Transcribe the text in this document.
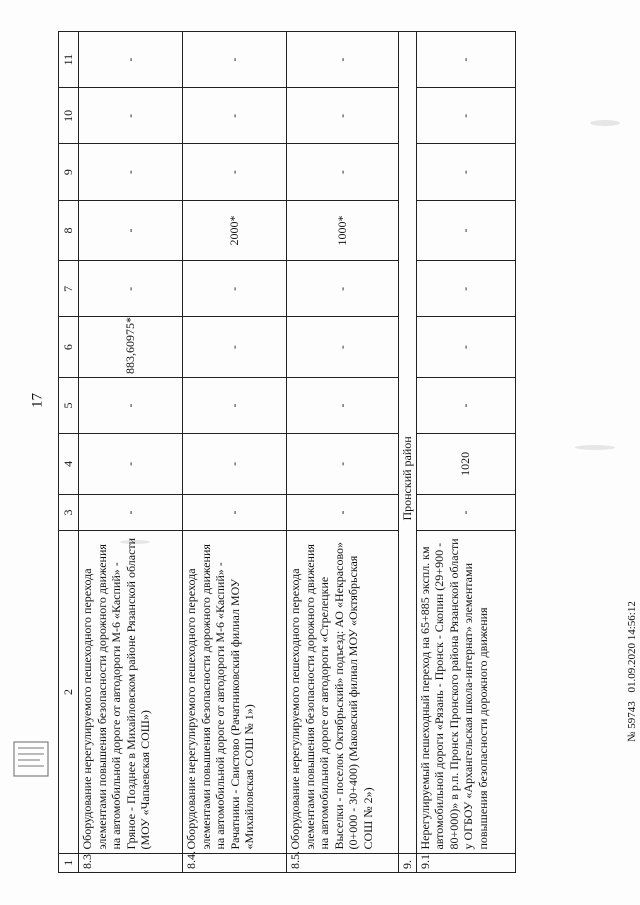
17
1	2	3	4	5	6	7	8	9	10	11
8.3	Оборудование нерегулируемого пешеходного перехода элементами повышения безопасности дорожного движения на автомобильной дороге от автодороги М-6 «Каспий» - Гряное - Позднее в Михайловском районе Рязанской области (МОУ «Чапаевская СОШ»)	-	-	-	883,60975*	-	-	-	-	-
8.4.	Оборудование нерегулируемого пешеходного перехода элементами повышения безопасности дорожного движения на автомобильной дороге от автодороги М-6 «Каспий» - Рачатники - Свистово (Рачатниковский филиал МОУ «Михайловская СОШ № 1»)	-	-	-	-	-	2000*	-	-	-
8.5.	Оборудование нерегулируемого пешеходного перехода элементами повышения безопасности дорожного движения на автомобильной дороге от автодороги «Стрелецкие Выселки - поселок Октябрьский» подъезд: АО «Некрасово» (0+000 - 30+400) (Маковский филиал МОУ «Октябрьская СОШ № 2»)	-	-	-	-	-	1000*	-	-	-
9.	Пронский район									
9.1	Нерегулируемый пешеходный переход на 65+885 экспл. км автомобильной дороги «Рязань - Пронск - Скопин (29+900 - 80+000)» в р.п. Пронск Пронского района Рязанской области у ОГБОУ «Архангельская школа-интернат» элементами повышения безопасности дорожного движения	-	1020	-	-	-	-	-	-	-
№ 59743 01.09.2020 14:56:12
